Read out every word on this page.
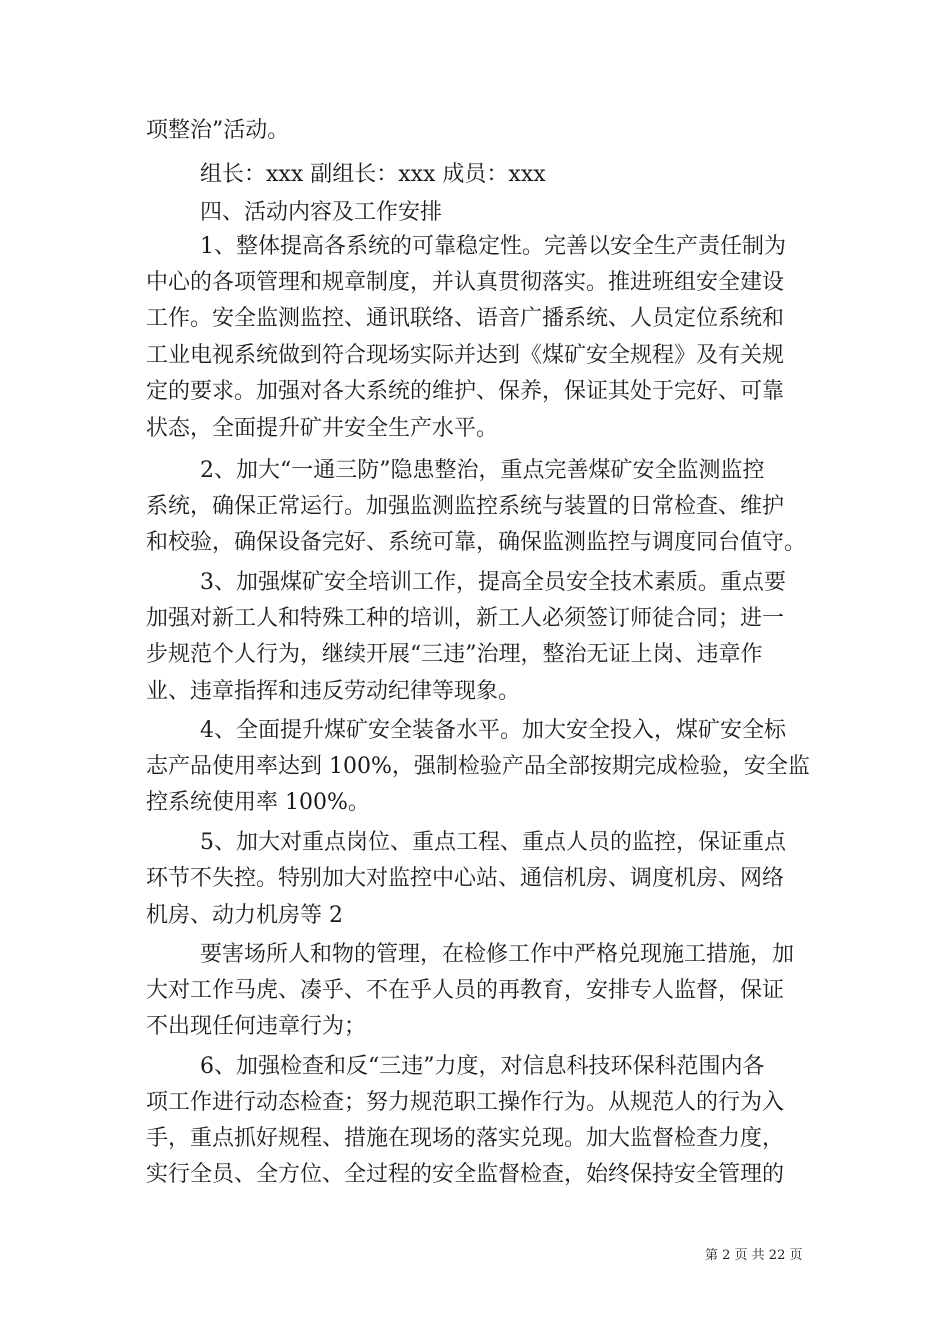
项整治”活动。
组长：xxx 副组长：xxx 成员：xxx
四、活动内容及工作安排
1、整体提高各系统的可靠稳定性。完善以安全生产责任制为
中心的各项管理和规章制度，并认真贯彻落实。推进班组安全建设
工作。安全监测监控、通讯联络、语音广播系统、人员定位系统和
工业电视系统做到符合现场实际并达到《煤矿安全规程》及有关规
定的要求。加强对各大系统的维护、保养，保证其处于完好、可靠
状态，全面提升矿井安全生产水平。
2、加大“一通三防”隐患整治，重点完善煤矿安全监测监控
系统，确保正常运行。加强监测监控系统与装置的日常检查、维护
和校验，确保设备完好、系统可靠，确保监测监控与调度同台值守。
3、加强煤矿安全培训工作，提高全员安全技术素质。重点要
加强对新工人和特殊工种的培训，新工人必须签订师徒合同；进一
步规范个人行为，继续开展“三违”治理，整治无证上岗、违章作
业、违章指挥和违反劳动纪律等现象。
4、全面提升煤矿安全装备水平。加大安全投入，煤矿安全标
志产品使用率达到 100%，强制检验产品全部按期完成检验，安全监
控系统使用率 100%。
5、加大对重点岗位、重点工程、重点人员的监控，保证重点
环节不失控。特别加大对监控中心站、通信机房、调度机房、网络
机房、动力机房等 2
要害场所人和物的管理，在检修工作中严格兑现施工措施，加
大对工作马虎、凑乎、不在乎人员的再教育，安排专人监督，保证
不出现任何违章行为；
6、加强检查和反“三违”力度，对信息科技环保科范围内各
项工作进行动态检查；努力规范职工操作行为。从规范人的行为入
手，重点抓好规程、措施在现场的落实兑现。加大监督检查力度，
实行全员、全方位、全过程的安全监督检查，始终保持安全管理的
第 2 页 共 22 页
